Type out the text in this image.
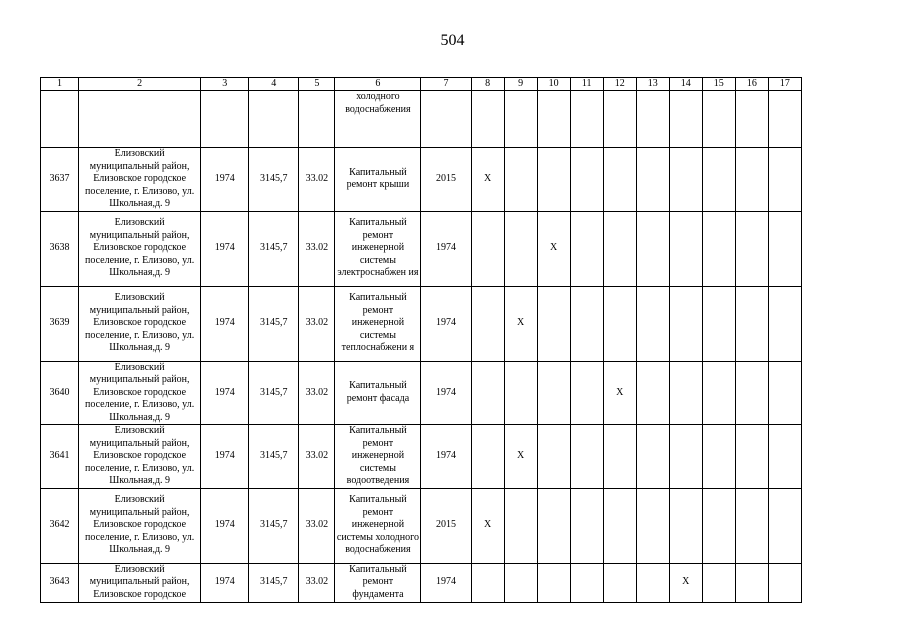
504
1	2	3	4	5	6	7	8	9	10	11	12	13	14	15	16	17
					холодного водоснабжения											
3637	Елизовский муниципальный район, Елизовское городское поселение, г. Елизово, ул. Школьная,д. 9	1974	3145,7	33.02	Капитальный ремонт крыши	2015	X									
3638	Елизовский муниципальный район, Елизовское городское поселение, г. Елизово, ул. Школьная,д. 9	1974	3145,7	33.02	Капитальный ремонт инженерной системы электроснабжен ия	1974			X							
3639	Елизовский муниципальный район, Елизовское городское поселение, г. Елизово, ул. Школьная,д. 9	1974	3145,7	33.02	Капитальный ремонт инженерной системы теплоснабжени я	1974		X								
3640	Елизовский муниципальный район, Елизовское городское поселение, г. Елизово, ул. Школьная,д. 9	1974	3145,7	33.02	Капитальный ремонт фасада	1974					X					
3641	Елизовский муниципальный район, Елизовское городское поселение, г. Елизово, ул. Школьная,д. 9	1974	3145,7	33.02	Капитальный ремонт инженерной системы водоотведения	1974		X								
3642	Елизовский муниципальный район, Елизовское городское поселение, г. Елизово, ул. Школьная,д. 9	1974	3145,7	33.02	Капитальный ремонт инженерной системы холодного водоснабжения	2015	X									
3643	Елизовский муниципальный район, Елизовское городское	1974	3145,7	33.02	Капитальный ремонт фундамента	1974							X			
